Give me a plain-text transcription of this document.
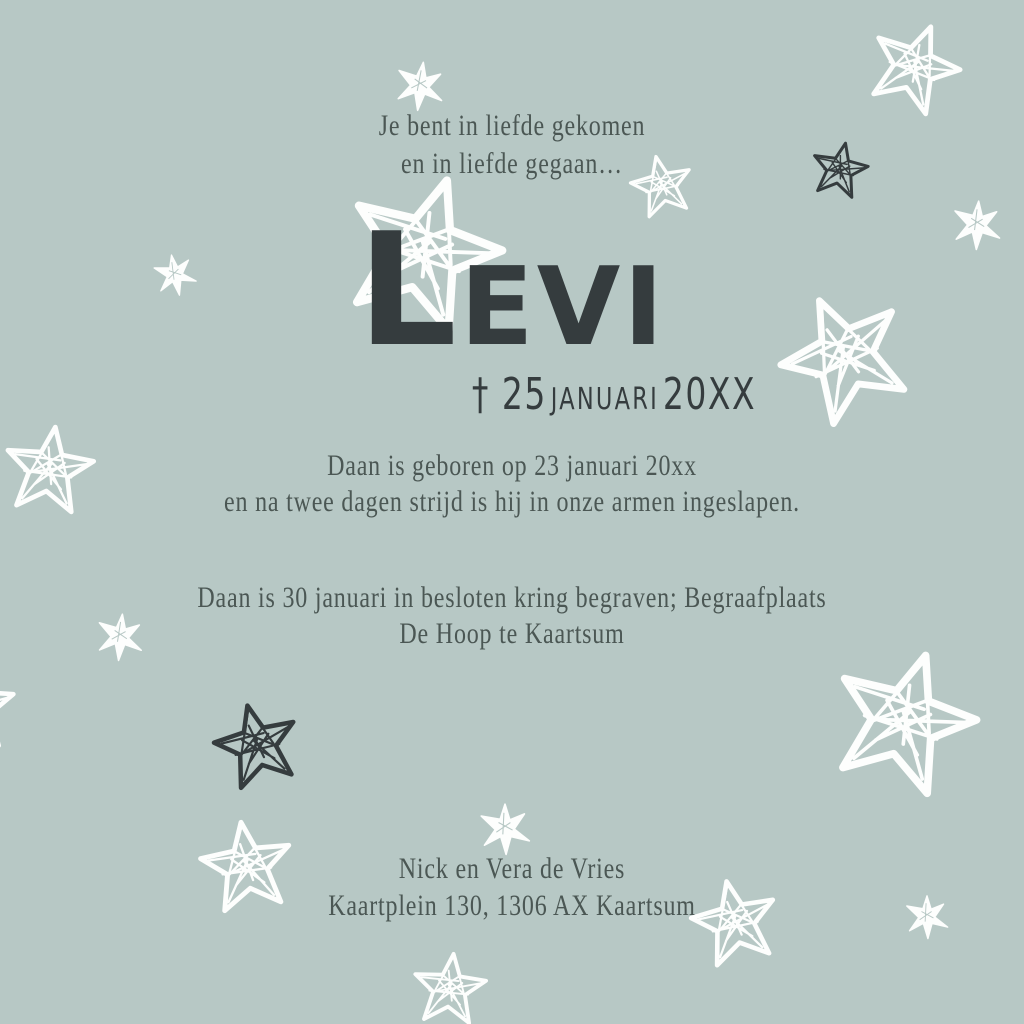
Je bent in liefde gekomen
en in liefde gegaan…
LEVI
† 25 JANUARI 20XX
Daan is geboren op 23 januari 20xx
en na twee dagen strijd is hij in onze armen ingeslapen.
Daan is 30 januari in besloten kring begraven; Begraafplaats
De Hoop te Kaartsum
Nick en Vera de Vries
Kaartplein 130, 1306 AX Kaartsum
